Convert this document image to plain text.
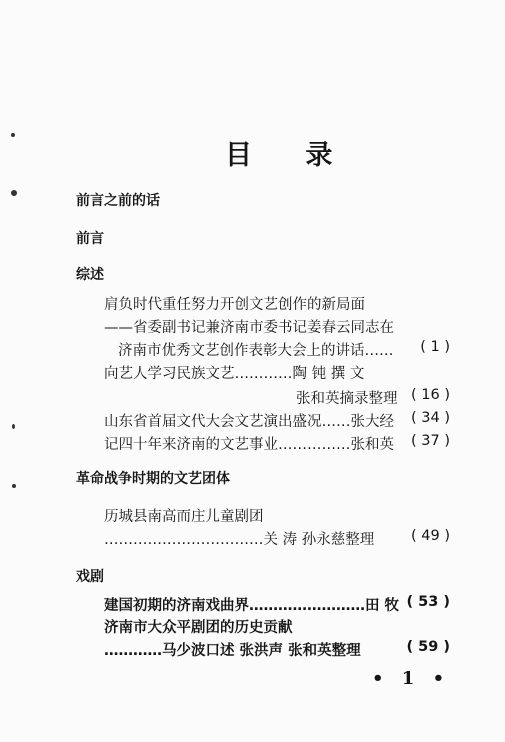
目 录
前言之前的话
前言
综述
肩负时代重任努力开创文艺创作的新局面
——省委副书记兼济南市委书记姜春云同志在
济南市优秀文艺创作表彰大会上的讲话…… ( 1 )
向艺人学习民族文艺…………陶 钝 撰 文
张和英摘录整理 ( 16 )
山东省首届文代大会文艺演出盛况……张大经 ( 34 )
记四十年来济南的文艺事业……………张和英 ( 37 )
革命战争时期的文艺团体
历城县南高而庄儿童剧团
……………………………关 涛 孙永慈整理	( 49 )
戏剧
建国初期的济南戏曲界……………………田 牧 ( 53 )
济南市大众平剧团的历史贡献
…………马少波口述 张洪声 张和英整理	( 59 )
• 1 •
